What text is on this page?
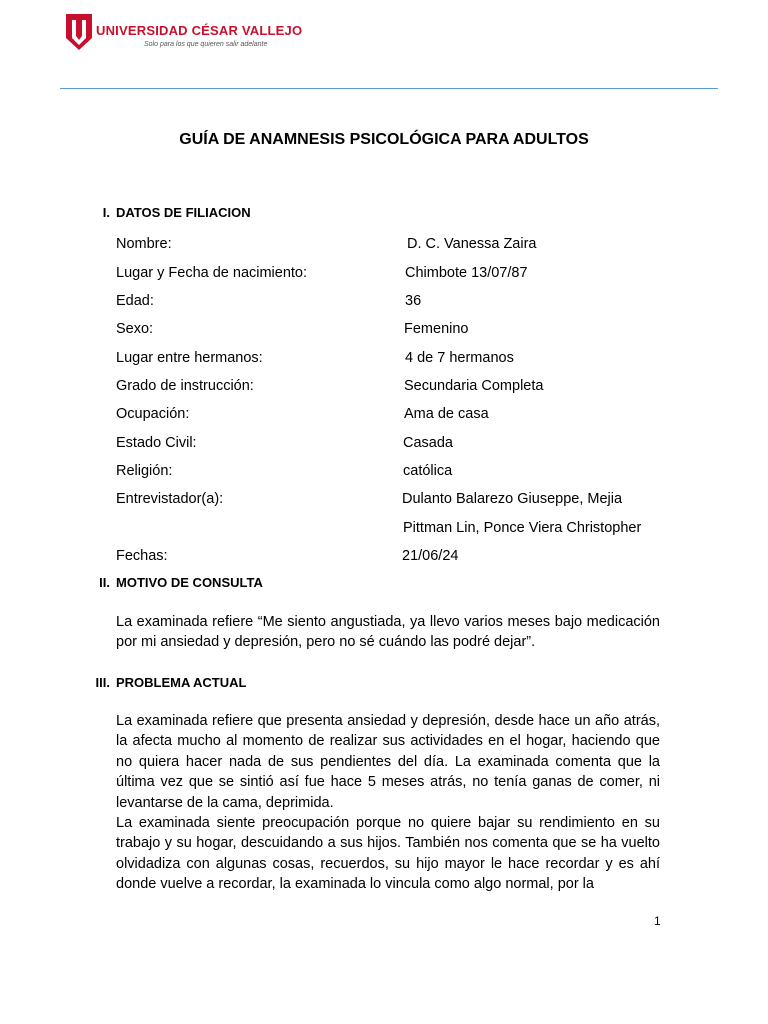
UNIVERSIDAD CÉSAR VALLEJO
Solo para los que quieren salir adelante
GUÍA DE ANAMNESIS PSICOLÓGICA PARA ADULTOS
I. DATOS DE FILIACION
Nombre:	D. C. Vanessa Zaira
Lugar y Fecha de nacimiento:	Chimbote 13/07/87
Edad:	36
Sexo:	Femenino
Lugar entre hermanos:	4 de 7 hermanos
Grado de instrucción:	Secundaria Completa
Ocupación:	Ama de casa
Estado Civil:	Casada
Religión:	católica
Entrevistador(a):	Dulanto Balarezo Giuseppe, Mejia
Pittman Lin, Ponce Viera Christopher
Fechas:	21/06/24
II. MOTIVO DE CONSULTA

La examinada refiere “Me siento angustiada, ya llevo varios meses bajo medicación por mi ansiedad y depresión, pero no sé cuándo las podré dejar”.

III. PROBLEMA ACTUAL

La examinada refiere que presenta ansiedad y depresión, desde hace un año atrás, la afecta mucho al momento de realizar sus actividades en el hogar, haciendo que no quiera hacer nada de sus pendientes del día. La examinada comenta que la última vez que se sintió así fue hace 5 meses atrás, no tenía ganas de comer, ni levantarse de la cama, deprimida.

La examinada siente preocupación porque no quiere bajar su rendimiento en su trabajo y su hogar, descuidando a sus hijos. También nos comenta que se ha vuelto olvidadiza con algunas cosas, recuerdos, su hijo mayor le hace recordar y es ahí donde vuelve a recordar, la examinada lo vincula como algo normal, por la

1
